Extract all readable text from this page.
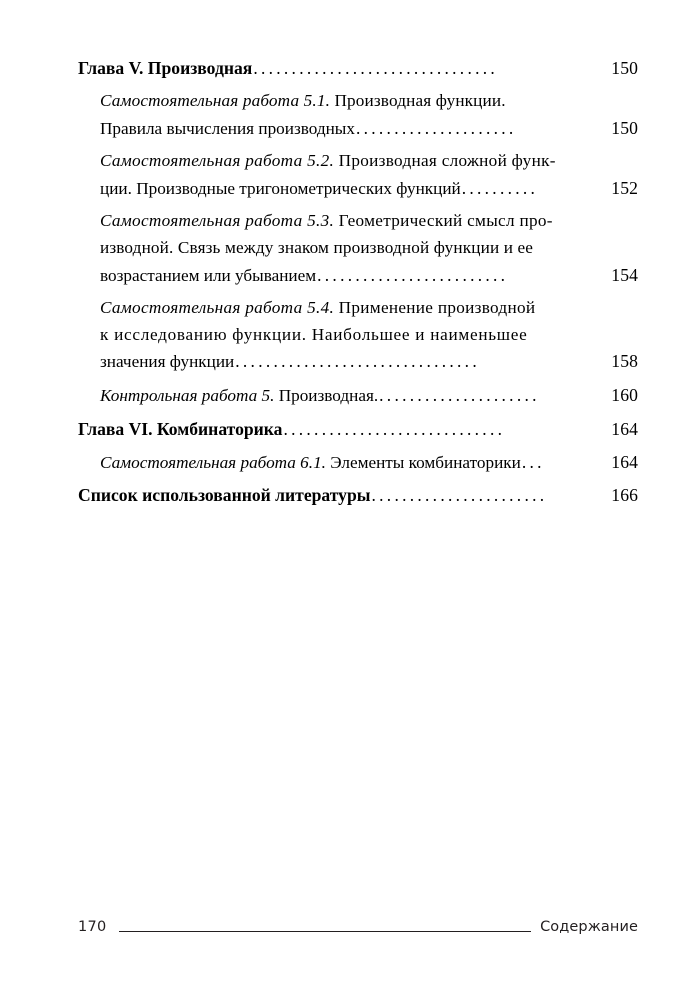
Глава V. Производная ................................	150
Самостоятельная работа 5.1. Производная функции.
Правила вычисления производных .....................	150
Самостоятельная работа 5.2. Производная сложной функ-
ции. Производные тригонометрических функций ..........	152
Самостоятельная работа 5.3. Геометрический смысл про-
изводной. Связь между знаком производной функции и ее
возрастанием или убыванием .........................	154
Самостоятельная работа 5.4. Применение производной
к исследованию функции. Наибольшее и наименьшее
значения функции ................................	158
Контрольная работа 5. Производная. .....................	160
Глава VI. Комбинаторика .............................	164
Самостоятельная работа 6.1. Элементы комбинаторики ...	164
Список использованной литературы .......................	166
170	Содержание
